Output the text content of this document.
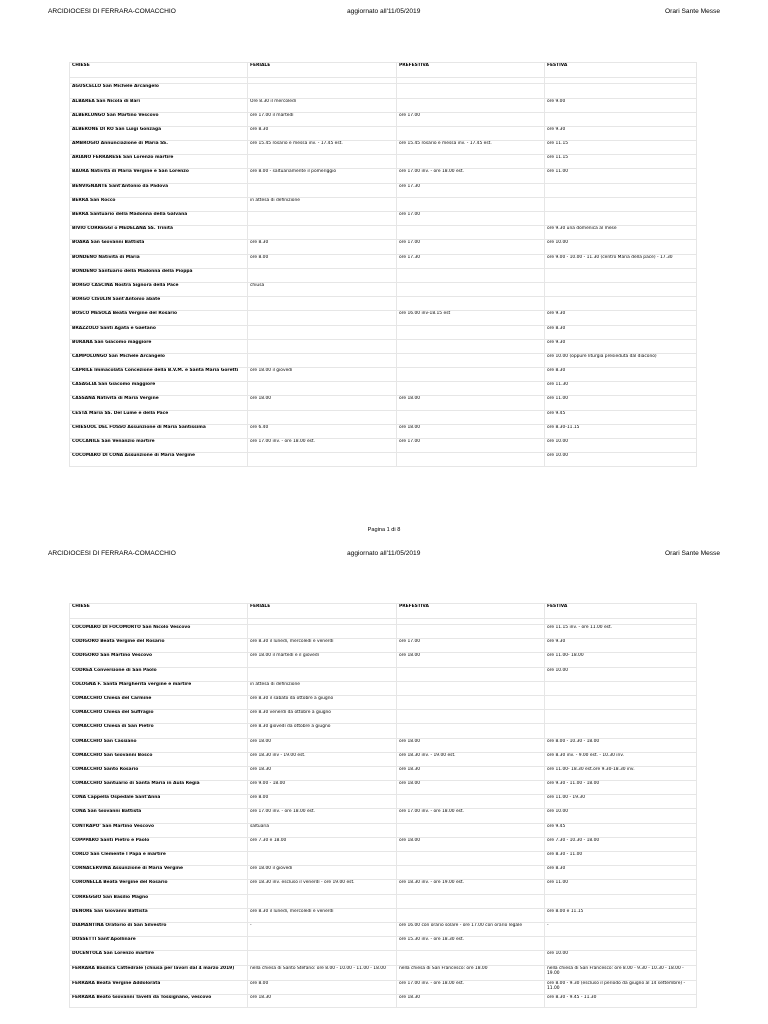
ARCIDIOCESI DI FERRARA-COMACCHIO	aggiornato all'11/05/2019	Orari Sante Messe
CHIESE	FERIALE	PREFESTIVA	FESTIVA

AGUSCELLO San Michele Arcangelo			
ALBAREA San Nicola di Bari	Ore 8.30 il mercoledì		ore 9.00
ALBERLUNGO San Martino Vescovo	ore 17.00 il martedì	ore 17.00	
ALBERONE DI RO San Luigi Gonzaga	ore 8.30		ore 9.30
AMBROGIO Annunciazione di Maria SS.	ore 15.45 rosario e messa inv. - 17.45 est.	ore 15.45 rosario e messa inv. - 17.45 est.	ore 11.15
ARIANO FERRARESE San Lorenzo martire			ore 11.15
BAURA Natività di Maria Vergine e San Lorenzo	ore 8.00 - saltuariamente il pomeriggio	ore 17.00 inv. - ore 18.00 est.	ore 11.00
BENVIGNANTE Sant'Antonio da Padova		ore 17.30	
BERRA San Rocco	in attesa di definizione		
BERRA Santuario della Madonna della Galvana		ore 17.00	
BIVIO CORREGGI o MEDELANA SS. Trinità			ore 9.30 una domenica al mese
BOARA San Giovanni Battista	ore 8.30	ore 17.00	ore 10.00
BONDENO Natività di Maria	ore 8.00	ore 17.30	ore 9.00 - 10.00 - 11.30 (centro Maria della pace) - 17.30
BONDENO Santuario della Madonna della Pioppa			
BORGO CASCINA Nostra Signora della Pace	chiusa		
BORGO CISULIN Sant'Antonio abate			
BOSCO MESOLA Beata Vergine del Rosario		ore 16.00 inv-18.15 est	ore 9.30
BRAZZOLO Santi Agata e Gaetano			ore 8.30
BURANA San Giacomo maggiore			ore 9.30
CAMPOLUNGO San Michele Arcangelo			ore 10.00 (oppure liturgia presieduta dal diacono)
CAPRILE Immacolata Concezione della B.V.M. e Santa Maria Goretti	ore 18.00 il giovedì		ore 8.30
CASAGLIA San Giacomo maggiore			ore 11.30
CASSANA Natività di Maria Vergine	ore 18.00	ore 18.00	ore 11.00
CESTA Maria SS. Del Lume e della Pace			ore 9.45
CHIESUOL DEL FOSSO Assunzione di Maria Santissima	ore 6.40	ore 18.00	ore 8.30-11.15
COCCANILE San Venanzio martire	ore 17.00 inv. - ore 18.00 est.	ore 17.00	ore 10.00
COCOMARO DI CONA Assunzione di Maria Vergine			ore 10.00
Pagina 1 di 8
ARCIDIOCESI DI FERRARA-COMACCHIO	aggiornato all'11/05/2019	Orari Sante Messe
CHIESE	FERIALE	PREFESTIVA	FESTIVA

COCOMARO DI FOCOMORTO San Nicolò Vescovo			ore 11.15 inv. - ore 11.00 est.
CODIGORO Beata Vergine del Rosario	ore 8.30 il lunedì, mercoledì e venerdì	ore 17.00	ore 9.30
CODIGORO San Martino Vescovo	ore 18.00 il martedì e il giovedì	ore 18.00	ore 11.00- 18.00
CODREA Conversione di San Paolo			ore 10.00
COLOGNA F. Santa Margherita vergine e martire	in attesa di definizione		
COMACCHIO Chiesa del Carmine	ore 8.30 il sabato da ottobre a giugno		
COMACCHIO Chiesa del Suffragio	ore 8.30 venerdì da ottobre a giugno		
COMACCHIO Chiesa di San Pietro	ore 8.30 giovedì da ottobre a giugno		
COMACCHIO San Cassiano	ore 18.00	ore 18.00	ore 8.00 - 10.30 - 18.00
COMACCHIO San Giovanni Bosco	ore 18.30 inv - 19.00 est.	ore 18.30 inv. - 19.00 est.	ore 8.30 inv. - 9.00 est. - 10.30 inv.
COMACCHIO Santo Rosario	ore 18.30	ore 18.30	ore 11.00- 18.30 est.ore 9.30-18.30 inv.
COMACCHIO Santuario di Santa Maria in Aula Regia	ore 9.00 - 18.00	ore 18.00	ore 9.30 - 11.00 - 18.00
CONA Cappella Ospedale Sant'Anna	ore 8.00		ore 11.00 - 19.30
CONA San Giovanni Battista	ore 17.00 inv. - ore 18.00 est.	ore 17.00 inv. - ore 18.00 est.	ore 10.00
CONTRAPO' San Martino Vescovo	saltuaria		ore 9.45
COPPPARO Santi Pietro e Paolo	ore 7.30 e 18.00	ore 18.00	ore 7.30 - 10.30 - 18.00
CORLO San Clemente I Papa e martire			ore 8.30 - 11.00
CORNACERVINA Assunzione di Maria Vergine	ore 18.00 il giovedì		ore 8.30
CORONELLA Beata Vergine del Rosario	ore 18.30 inv. escluso il venerdì - ore 19.00 est.	ore 18.30 inv. - ore 19.00 est.	ore 11.00
CORREGGIO San Basilio Magno			
DENORE San Giovanni Battista	ore 8.30 il lunedì, mercoledì e venerdì		ore 8.00 e 11.15
DIAMANTINA Oratorio di San Silvestro	-	ore 16.00 con orario solare - ore 17.00 con orario legale	-
DOSSETTI Sant'Apollinare		ore 15.30 inv. - ore 18.30 est.	
DUCENTOLA San Lorenzo martire			ore 10.00
FERRARA Basilica Cattedrale (chiusa per lavori dal 4 marzo 2019)	nella chiesa di Santo Stefano: ore 8.00 - 10.00 - 11.00 - 18.00	nella chiesa di San Francesco: ore 18.00	nella chiesa di San Francesco: ore 8.00 - 9.30 - 10.30 - 18.00 - 19.00
FERRARA Beata Vergine Addolorata	ore 8.00	ore 17.00 inv. - ore 18.00 est.	ore 8.00 - 9.30 (escluso il periodo da giugno al 14 settembre) - 11.00
FERRARA Beato Giovanni Tavelli da Tossignano, vescovo	ore 18.30	ore 18.30	ore 8.30 - 9.45 - 11.30
